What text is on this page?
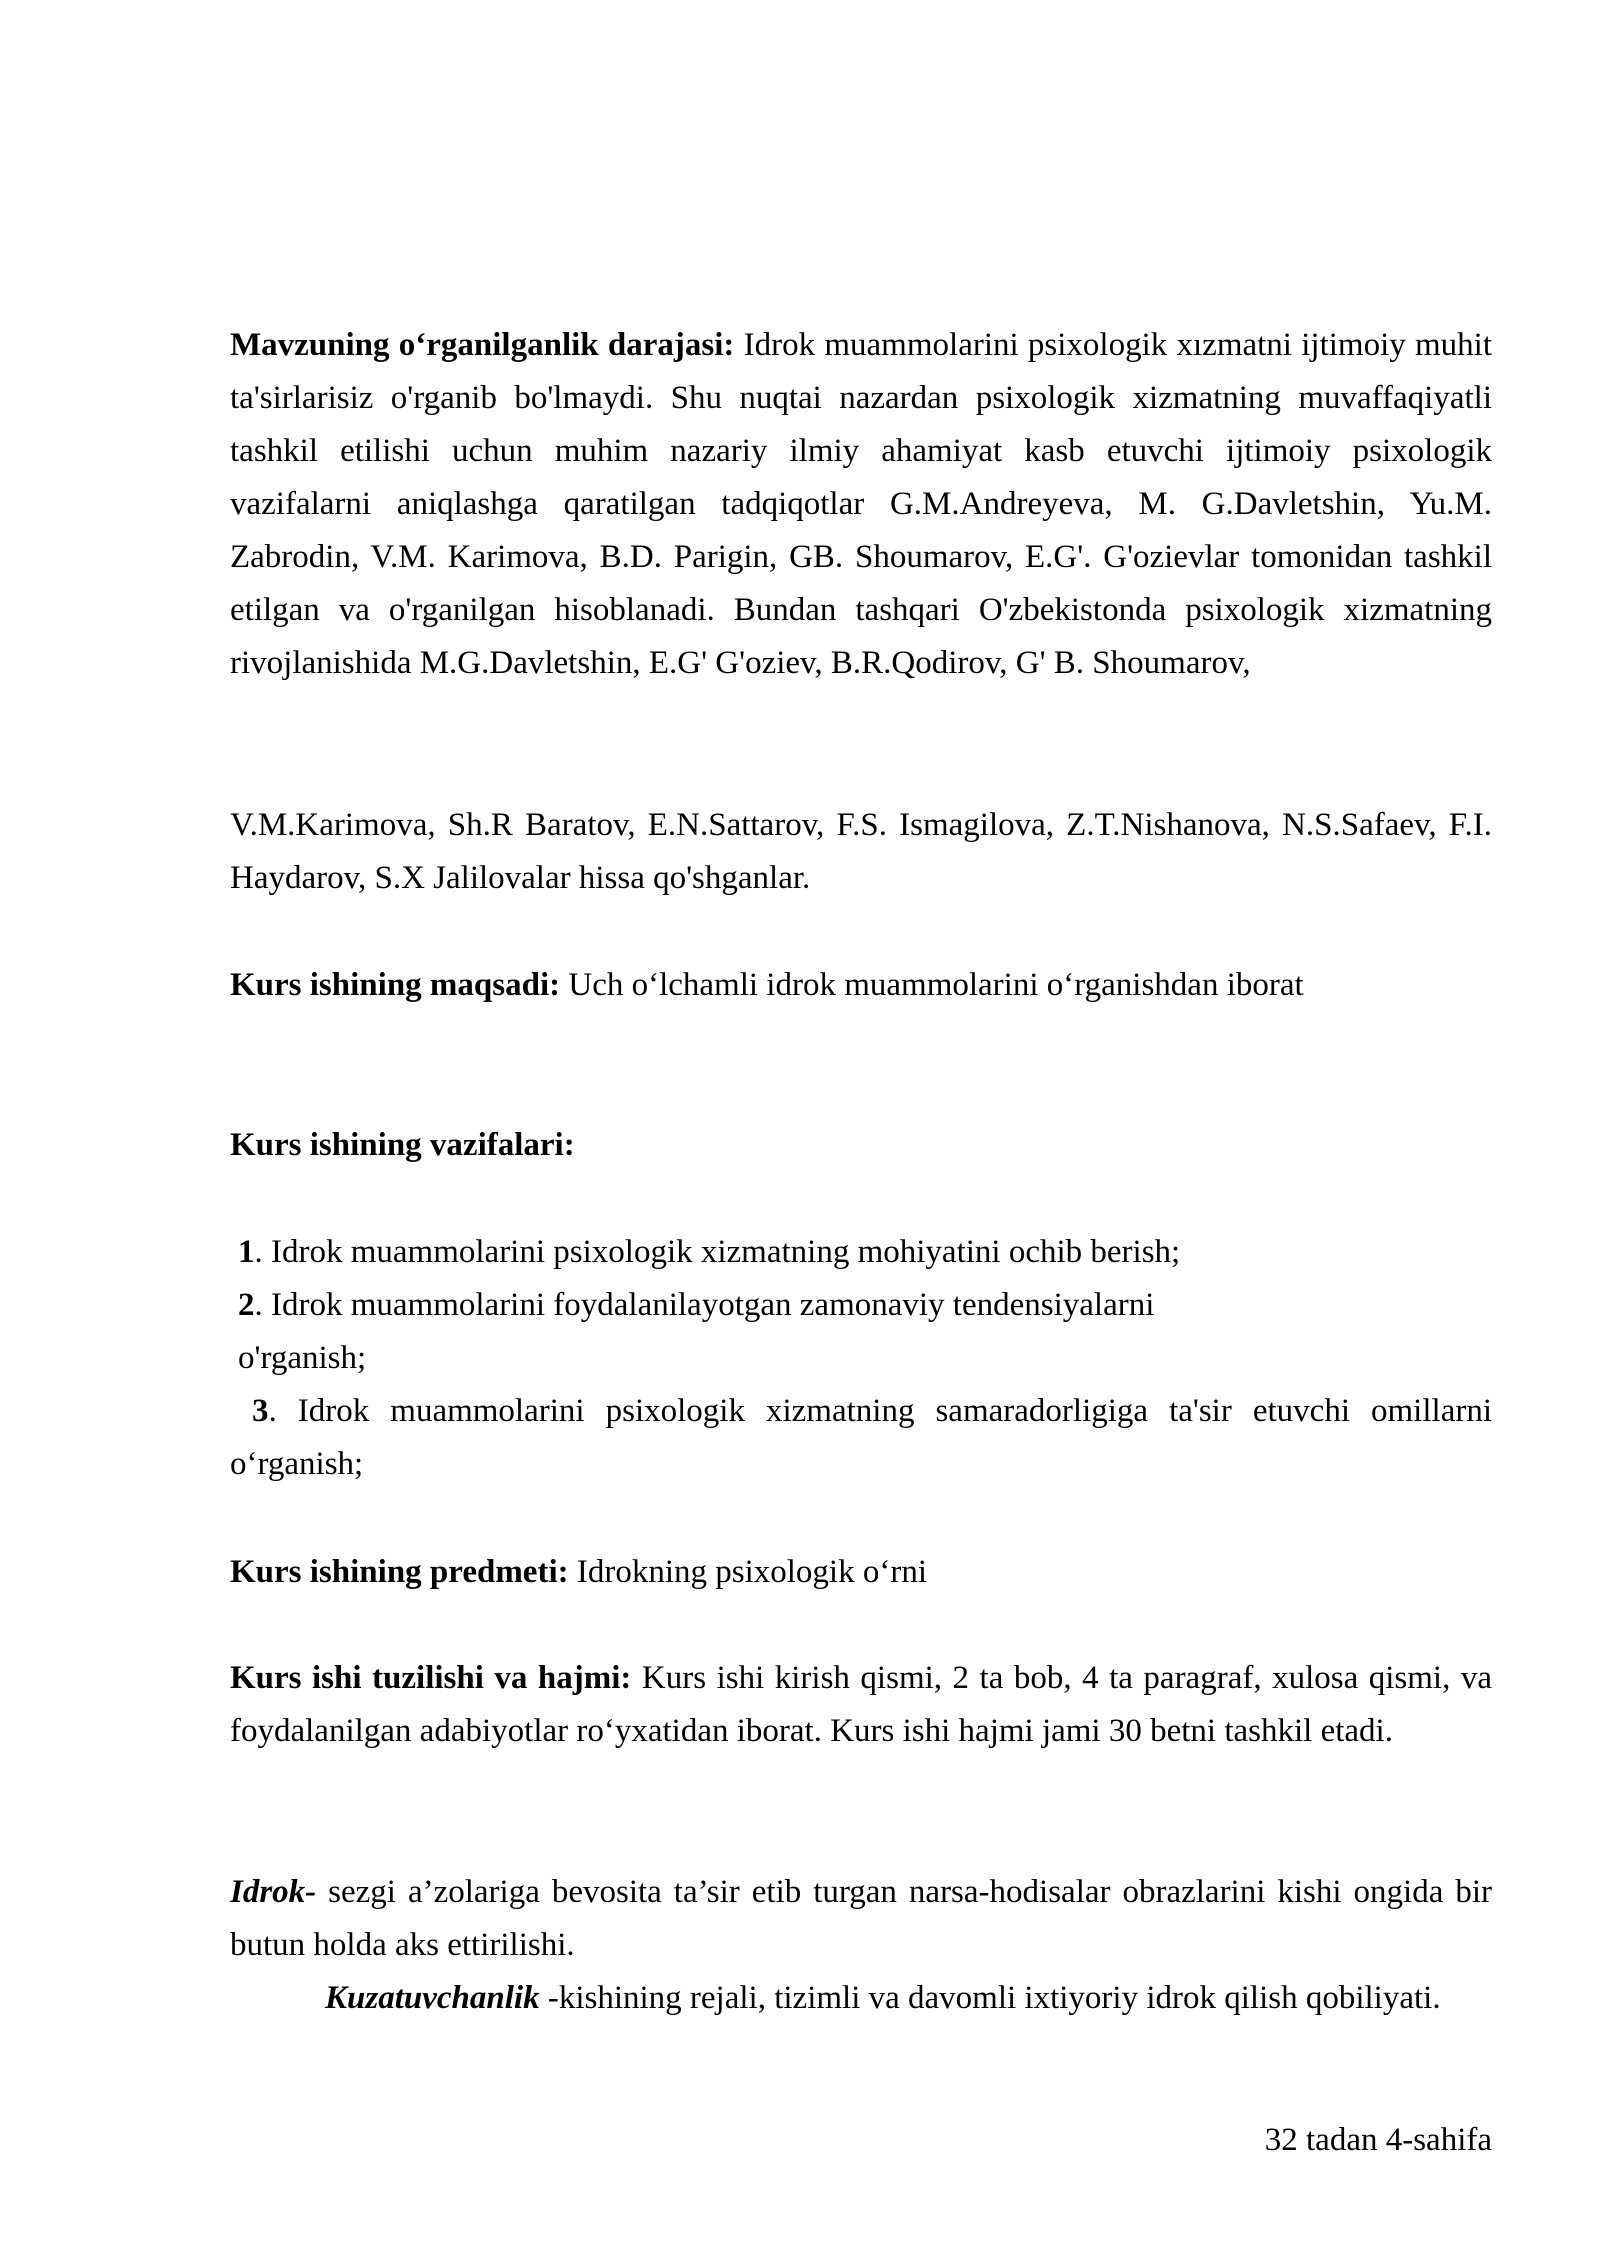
Mavzuning o‘rganilganlik darajasi: Idrok muammolarini psixologik xızmatni ijtimoiy muhit ta'sirlarisiz o'rganib bo'lmaydi. Shu nuqtai nazardan psixologik xizmatning muvaffaqiyatli tashkil etilishi uchun muhim nazariy ilmiy ahamiyat kasb etuvchi ijtimoiy psixologik vazifalarni aniqlashga qaratilgan tadqiqotlar G.M.Andreyeva, M. G.Davletshin, Yu.M. Zabrodin, V.M. Karimova, B.D. Parigin, GB. Shoumarov, E.G'. G'ozievlar tomonidan tashkil etilgan va o'rganilgan hisoblanadi. Bundan tashqari O'zbekistonda psixologik xizmatning rivojlanishida M.G.Davletshin, E.G' G'oziev, B.R.Qodirov, G' B. Shoumarov,

V.M.Karimova, Sh.R Baratov, E.N.Sattarov, F.S. Ismagilova, Z.T.Nishanova, N.S.Safaev, F.I. Haydarov, S.X Jalilovalar hissa qo'shganlar.

Kurs ishining maqsadi: Uch o‘lchamli idrok muammolarini o‘rganishdan iborat

Kurs ishining vazifalari:

1. Idrok muammolarini psixologik xizmatning mohiyatini ochib berish;
2. Idrok muammolarini foydalanilayotgan zamonaviy tendensiyalarni
o'rganish;
3. Idrok muammolarini psixologik xizmatning samaradorligiga ta'sir etuvchi omillarni o‘rganish;

Kurs ishining predmeti: Idrokning psixologik o‘rni

Kurs ishi tuzilishi va hajmi: Kurs ishi kirish qismi, 2 ta bob, 4 ta paragraf, xulosa qismi, va foydalanilgan adabiyotlar ro‘yxatidan iborat. Kurs ishi hajmi jami 30 betni tashkil etadi.

Idrok- sezgi a’zolariga bevosita ta’sir etib turgan narsa-hodisalar obrazlarini kishi ongida bir butun holda aks ettirilishi.

Kuzatuvchanlik -kishining rejali, tizimli va davomli ixtiyoriy idrok qilish qobiliyati.

32 tadan 4-sahifa
